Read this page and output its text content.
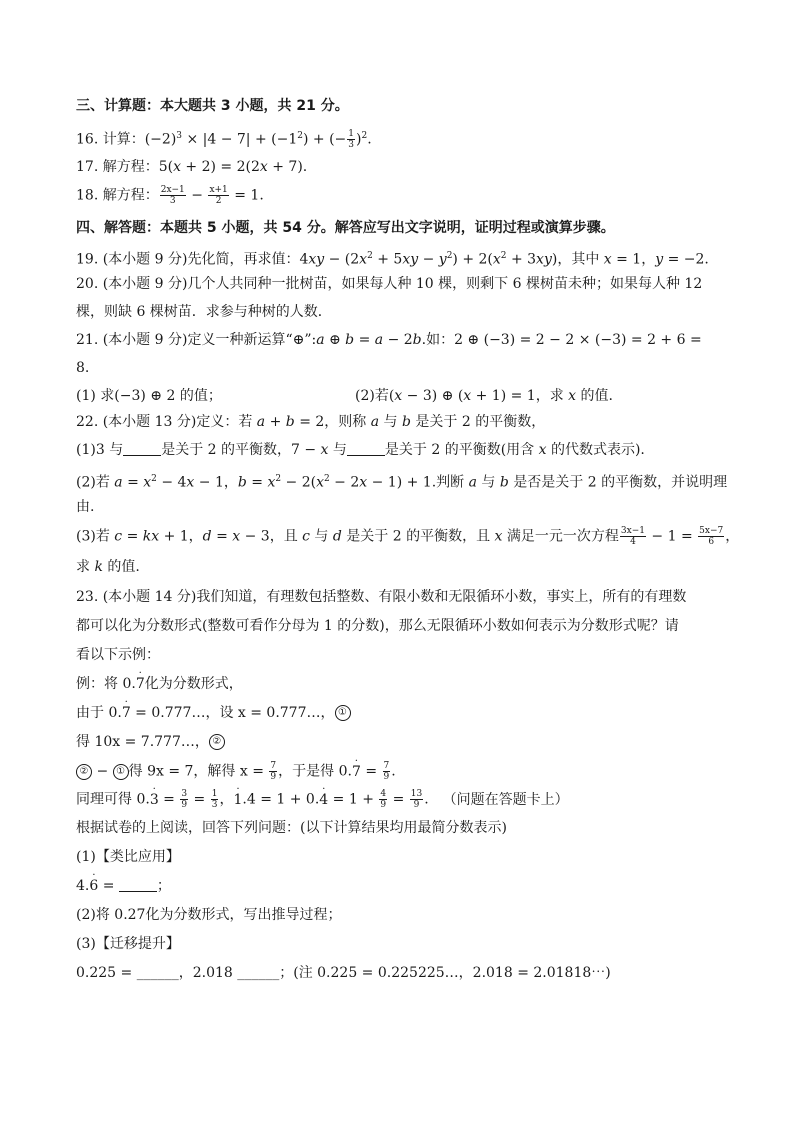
三、计算题：本大题共 3 小题，共 21 分。
16. 计算：$(-2)^3 \times |4 - 7| + (-1^2)$ + (− $\frac{1}{3} )^2$.
17. 解方程：5(𝑥 + 2) = 2(2𝑥 + 7).
18. 解方程： $\frac{2x-1}{3} - \frac{x+1}{2} = 1$.
四、解答题：本题共 5 小题，共 54 分。解答应写出文字说明，证明过程或演算步骤。
19. (本小题 9 分)先化简，再求值：4𝑥𝑦 − (2𝑥$^2$ + 5𝑥𝑦 − 𝑦$^2$) + 2(𝑥$^2$ + 3𝑥𝑦)，其中 𝑥 = 1，𝑦 = −2.
20. (本小题 9 分)几个人共同种一批树苗，如果每人种 10 棵，则剩下 6 棵树苗未种；如果每人种 12
棵，则缺 6 棵树苗．求参与种树的人数．
21. (本小题 9 分)定义一种新运算“⊕”:𝑎 ⊕ 𝑏 = 𝑎 − 2𝑏.如：2 ⊕ (−3) = 2 − 2 × (−3) = 2 + 6 =
8.
(1) 求(−3) ⊕ 2 的值；	(2)若(𝑥 − 3) ⊕ (𝑥 + 1) = 1，求 𝑥 的值.
22. (本小题 13 分)定义：若 𝑎 + 𝑏 = 2，则称 𝑎 与 𝑏 是关于 2 的平衡数，
(1)3 与	是关于 2 的平衡数，7 − 𝑥 与	是关于 2 的平衡数(用含 𝑥 的代数式表示).
(2)若 𝑎 = 𝑥$^2$ − 4𝑥 − 1，𝑏 = 𝑥$^2$ − 2(𝑥$^2$ − 2𝑥 − 1) + 1.判断 𝑎 与 𝑏 是否是关于 2 的平衡数，并说明理
由.
(3)若 𝑐 = 𝑘𝑥 + 1，𝑑 = 𝑥 − 3，且 𝑐 与 𝑑 是关于 2 的平衡数，且 𝑥 满足一元一次方程 $\frac{3x-1}{4} - 1 = \frac{5x-7}{6}$ ，
求 𝑘 的值.
23. (本小题 14 分)我们知道，有理数包括整数、有限小数和无限循环小数，事实上，所有的有理数
都可以化为分数形式(整数可看作分母为 1 的分数)，那么无限循环小数如何表示为分数形式呢？请
看以下示例：
例：将 0.˙ 7化为分数形式，
由于 0.˙ 7 = 0.777…，设 x = 0.777…， ①
得 10x = 7.777…， ②
② − ① 得 9x = 7，解得 $x = \frac{7}{9}$ ，于是得 0.˙ $7 = \frac{7}{9}$ .
同理可得 0.˙ $3 = \frac{3}{9} = \frac{1}{3}$ ，˙ 1.4 = 1 + 0.˙ $4 = 1 + \frac{4}{9} = \frac{13}{9}$ . （问题在答题卡上）
根据试卷的上阅读，回答下列问题：(以下计算结果均用最简分数表示)
(1)【类比应用】
4.˙ 6 =	；
(2)将 0.27化为分数形式，写出推导过程；
(3)【迁移提升】
0.225 = ______，2.018 ______；(注 0.225 = 0.225225…，2.018 = 2.01818⋯)
